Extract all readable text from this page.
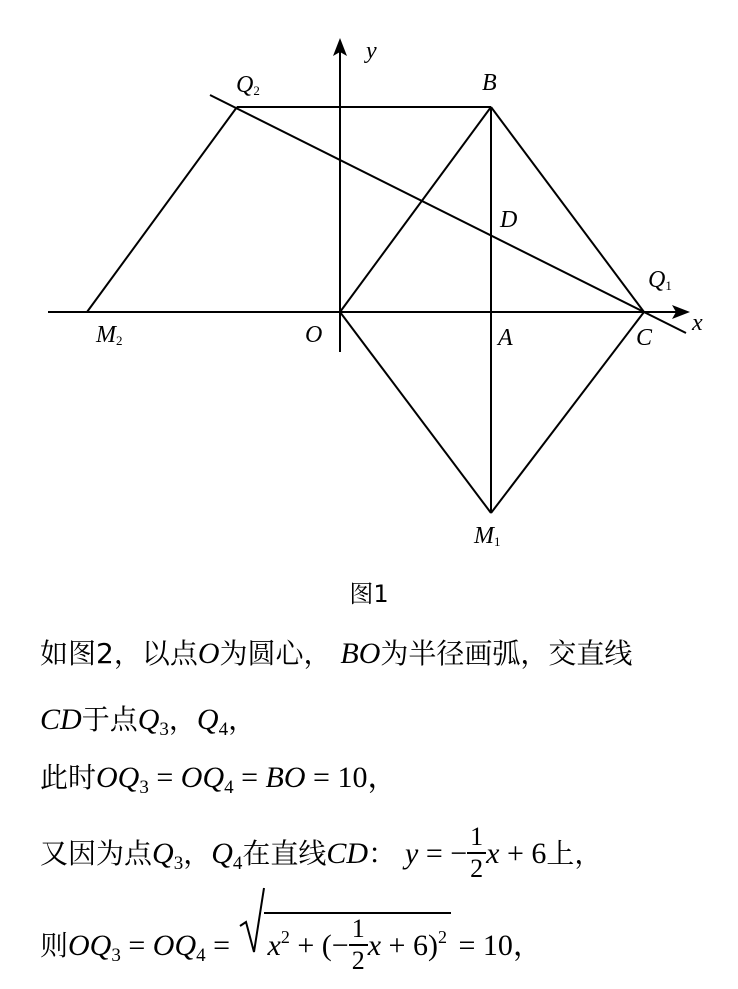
y
x
Q2	B
D
Q1
M2	O	A	C
M1
图1
如图2，以点O为圆心， BO为半径画弧，交直线
CD于点$Q_3$，$Q_4$，
此时$OQ_3 = OQ_4$ = BO = 10，
又因为点$Q_3$，$Q_4$在直线CD： y = − $\frac{1}{2}$ x + 6上，
则$OQ_3 = OQ_4$ =
$x^2$ + (− $\frac{1}{2}$ x + 6)$^2$ = 10，
